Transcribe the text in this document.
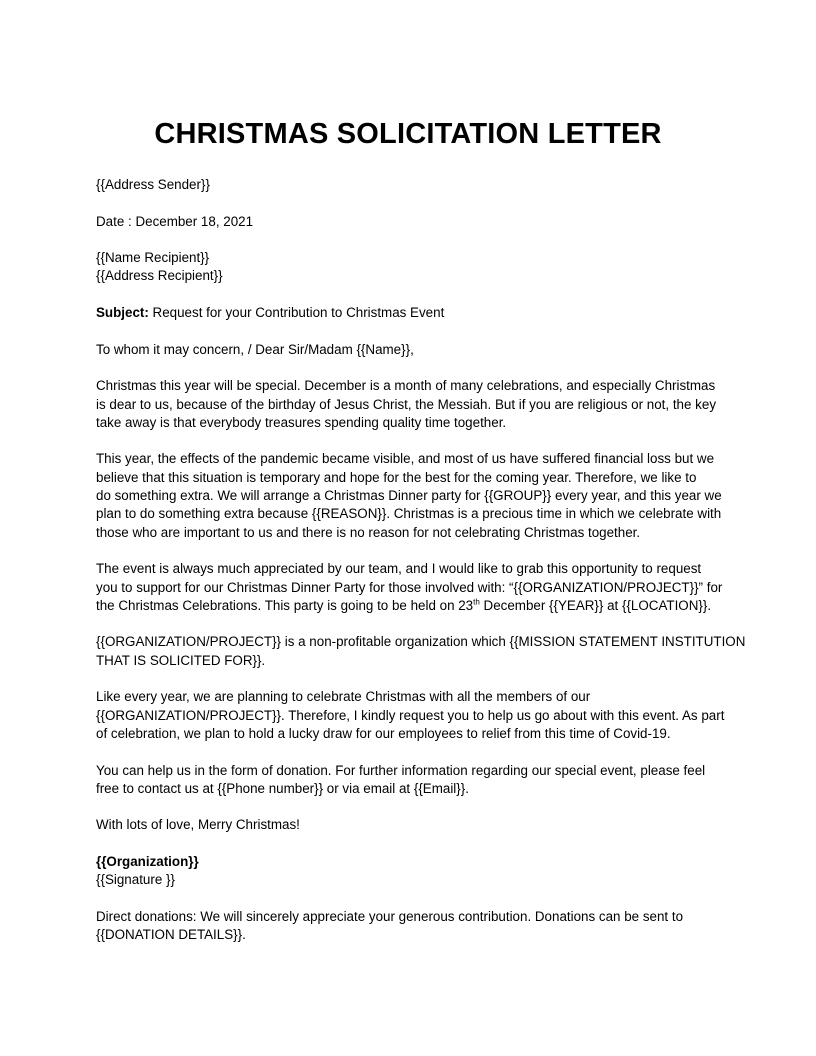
CHRISTMAS SOLICITATION LETTER
{{Address Sender}}
Date : December 18, 2021
{{Name Recipient}}
{{Address Recipient}}
Subject: Request for your Contribution to Christmas Event
To whom it may concern, / Dear Sir/Madam {{Name}},
Christmas this year will be special. December is a month of many celebrations, and especially Christmas
is dear to us, because of the birthday of Jesus Christ, the Messiah. But if you are religious or not, the key
take away is that everybody treasures spending quality time together.
This year, the effects of the pandemic became visible, and most of us have suffered financial loss but we
believe that this situation is temporary and hope for the best for the coming year. Therefore, we like to
do something extra. We will arrange a Christmas Dinner party for {{GROUP}} every year, and this year we
plan to do something extra because {{REASON}}. Christmas is a precious time in which we celebrate with
those who are important to us and there is no reason for not celebrating Christmas together.
The event is always much appreciated by our team, and I would like to grab this opportunity to request
you to support for our Christmas Dinner Party for those involved with: “{{ORGANIZATION/PROJECT}}” for
the Christmas Celebrations. This party is going to be held on 23th December {{YEAR}} at {{LOCATION}}.
{{ORGANIZATION/PROJECT}} is a non-profitable organization which {{MISSION STATEMENT INSTITUTION
THAT IS SOLICITED FOR}}.
Like every year, we are planning to celebrate Christmas with all the members of our
{{ORGANIZATION/PROJECT}}. Therefore, I kindly request you to help us go about with this event. As part
of celebration, we plan to hold a lucky draw for our employees to relief from this time of Covid-19.
You can help us in the form of donation. For further information regarding our special event, please feel
free to contact us at {{Phone number}} or via email at {{Email}}.
With lots of love, Merry Christmas!
{{Organization}}
{{Signature }}
Direct donations: We will sincerely appreciate your generous contribution. Donations can be sent to
{{DONATION DETAILS}}.
